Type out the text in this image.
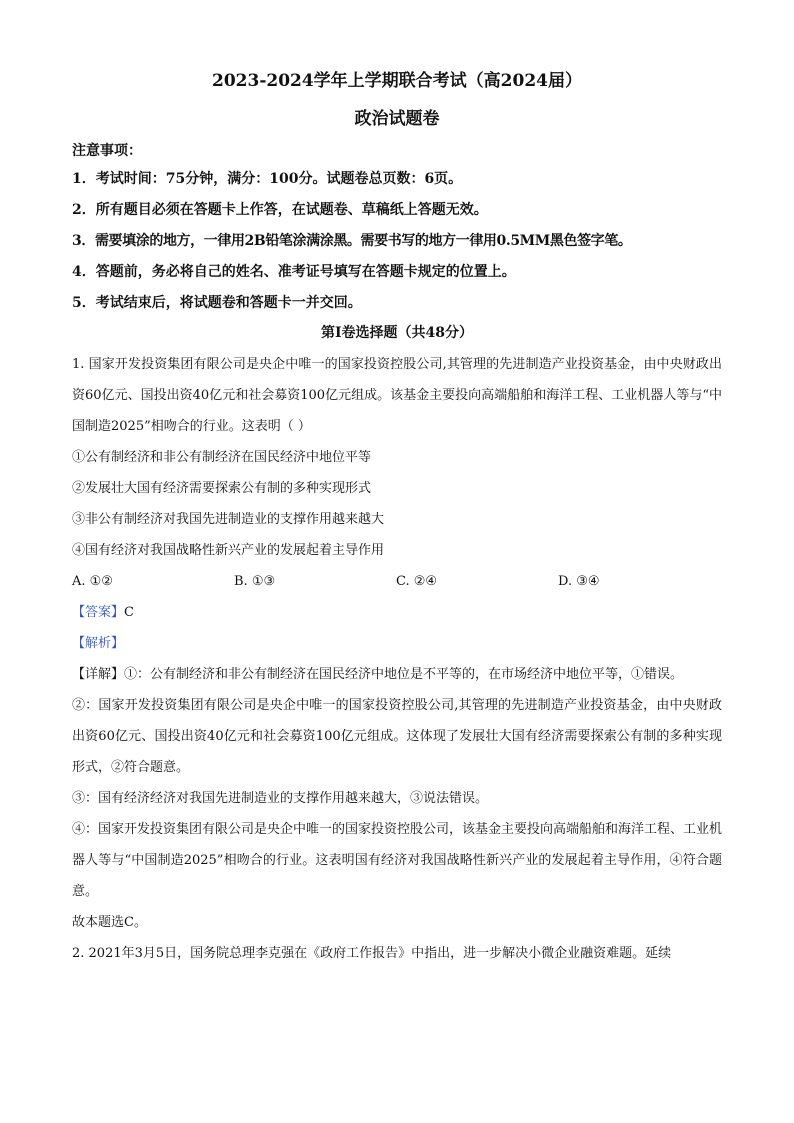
2023-2024学年上学期联合考试（高2024届）
政治试题卷
注意事项：
1．考试时间：75分钟，满分：100分。试题卷总页数：6页。
2．所有题目必须在答题卡上作答，在试题卷、草稿纸上答题无效。
3．需要填涂的地方，一律用2B铅笔涂满涂黑。需要书写的地方一律用0.5MM黑色签字笔。
4．答题前，务必将自己的姓名、准考证号填写在答题卡规定的位置上。
5．考试结束后，将试题卷和答题卡一并交回。
第Ⅰ卷选择题（共48分）

1. 国家开发投资集团有限公司是央企中唯一的国家投资控股公司,其管理的先进制造产业投资基金，由中央财政出资60亿元、国投出资40亿元和社会募资100亿元组成。该基金主要投向高端船舶和海洋工程、工业机器人等与“中国制造2025”相吻合的行业。这表明（ ）

①公有制经济和非公有制经济在国民经济中地位平等

②发展壮大国有经济需要探索公有制的多种实现形式

③非公有制经济对我国先进制造业的支撑作用越来越大

④国有经济对我国战略性新兴产业的发展起着主导作用

A. ①②	B. ①③	C. ②④	D. ③④

【答案】C

【解析】

【详解】①：公有制经济和非公有制经济在国民经济中地位是不平等的，在市场经济中地位平等，①错误。

②：国家开发投资集团有限公司是央企中唯一的国家投资控股公司,其管理的先进制造产业投资基金，由中央财政出资60亿元、国投出资40亿元和社会募资100亿元组成。这体现了发展壮大国有经济需要探索公有制的多种实现形式，②符合题意。

③：国有经济经济对我国先进制造业的支撑作用越来越大，③说法错误。

④：国家开发投资集团有限公司是央企中唯一的国家投资控股公司，该基金主要投向高端船舶和海洋工程、工业机器人等与“中国制造2025”相吻合的行业。这表明国有经济对我国战略性新兴产业的发展起着主导作用，④符合题意。

故本题选C。

2. 2021年3月5日，国务院总理李克强在《政府工作报告》中指出，进一步解决小微企业融资难题。延续
